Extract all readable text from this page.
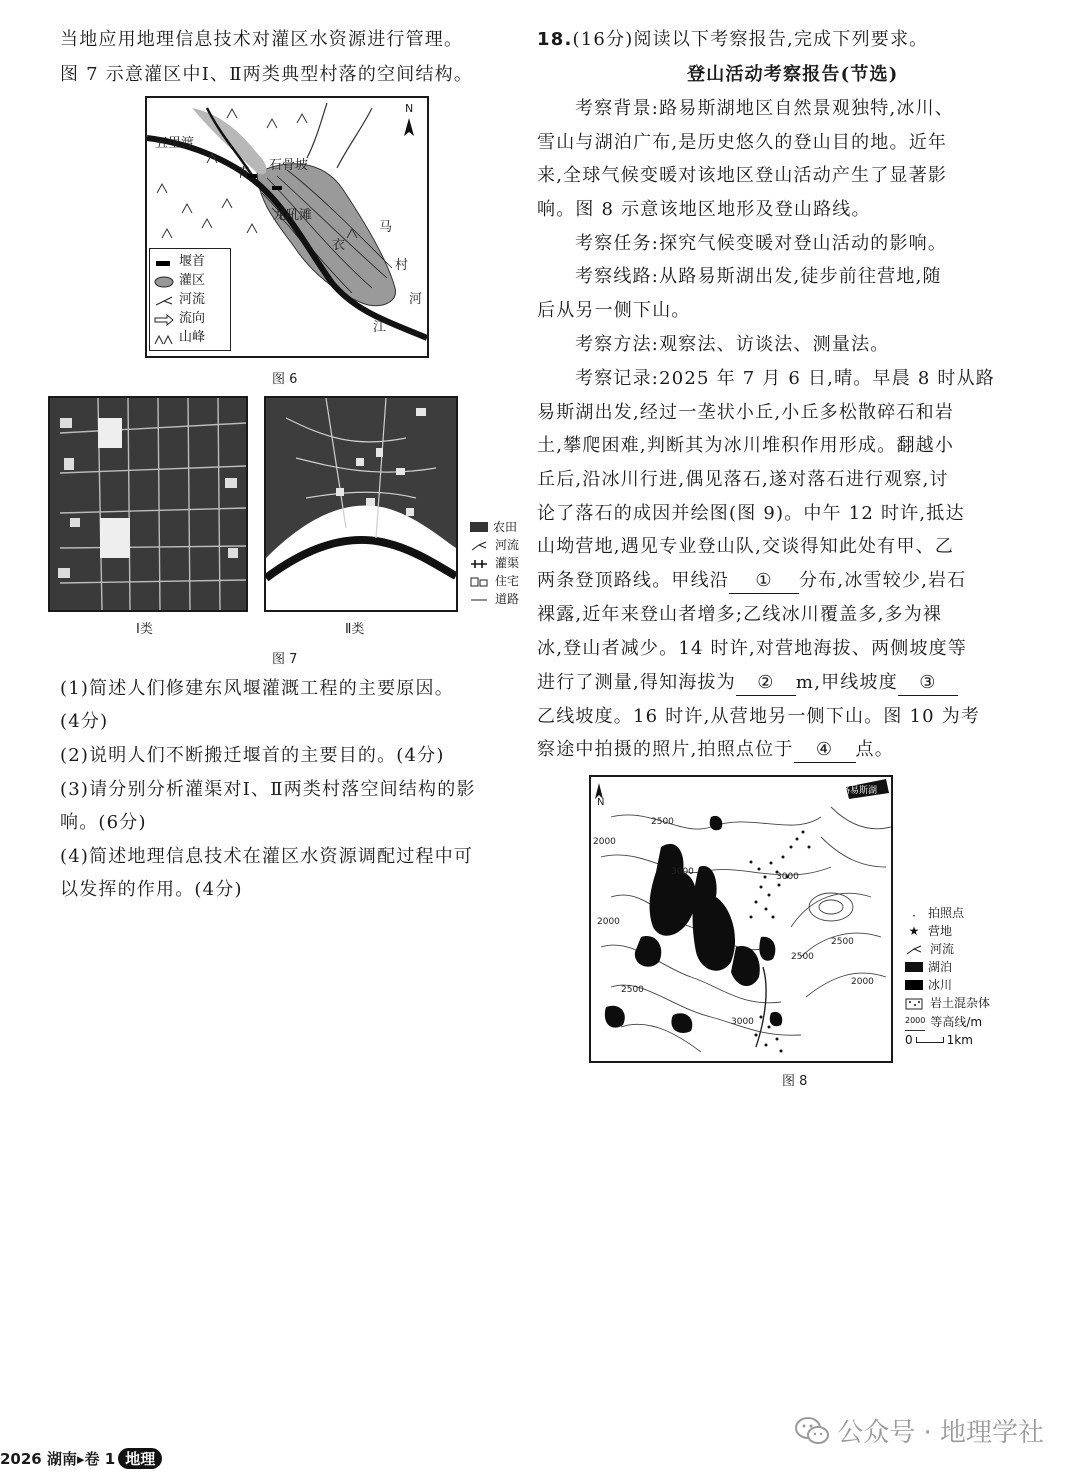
当地应用地理信息技术对灌区水资源进行管理。
图 7 示意灌区中Ⅰ、Ⅱ两类典型村落的空间结构。
N
五里渡
青
石骨坡
龙吼滩
衣
马
村
河
江
堰首
灌区
河流
流向
山峰
图 6
农田
河流
灌渠
住宅
道路
Ⅰ类	Ⅱ类
图 7
(1)简述人们修建东风堰灌溉工程的主要原因。
(4分)
(2)说明人们不断搬迁堰首的主要目的。(4分)
(3)请分别分析灌渠对Ⅰ、Ⅱ两类村落空间结构的影
响。(6分)
(4)简述地理信息技术在灌区水资源调配过程中可
以发挥的作用。(4分)
18.(16分)阅读以下考察报告,完成下列要求。
登山活动考察报告(节选)
考察背景:路易斯湖地区自然景观独特,冰川、
雪山与湖泊广布,是历史悠久的登山目的地。近年
来,全球气候变暖对该地区登山活动产生了显著影
响。图 8 示意该地区地形及登山路线。
考察任务:探究气候变暖对登山活动的影响。
考察线路:从路易斯湖出发,徒步前往营地,随
后从另一侧下山。
考察方法:观察法、访谈法、测量法。
考察记录:2025 年 7 月 6 日,晴。早晨 8 时从路
易斯湖出发,经过一垄状小丘,小丘多松散碎石和岩
土,攀爬困难,判断其为冰川堆积作用形成。翻越小
丘后,沿冰川行进,偶见落石,遂对落石进行观察,讨
论了落石的成因并绘图(图 9)。中午 12 时许,抵达
山坳营地,遇见专业登山队,交谈得知此处有甲、乙
两条登顶路线。甲线沿 ① 分布,冰雪较少,岩石
裸露,近年来登山者增多;乙线冰川覆盖多,多为裸
冰,登山者减少。14 时许,对营地海拔、两侧坡度等
进行了测量,得知海拔为 ② m,甲线坡度 ③
乙线坡度。16 时许,从营地另一侧下山。图 10 为考
察途中拍摄的照片,拍照点位于 ④ 点。
N
路易斯湖
2000
2500
3000
2500
2000
2500
3000	3000
2000
2500
·	拍照点
★ 营地
河流
湖泊
冰川
岩土混杂体
2000 等高线/m
0	1km
图 8
2026 湖南▸卷 1 地理
公众号 · 地理学社
